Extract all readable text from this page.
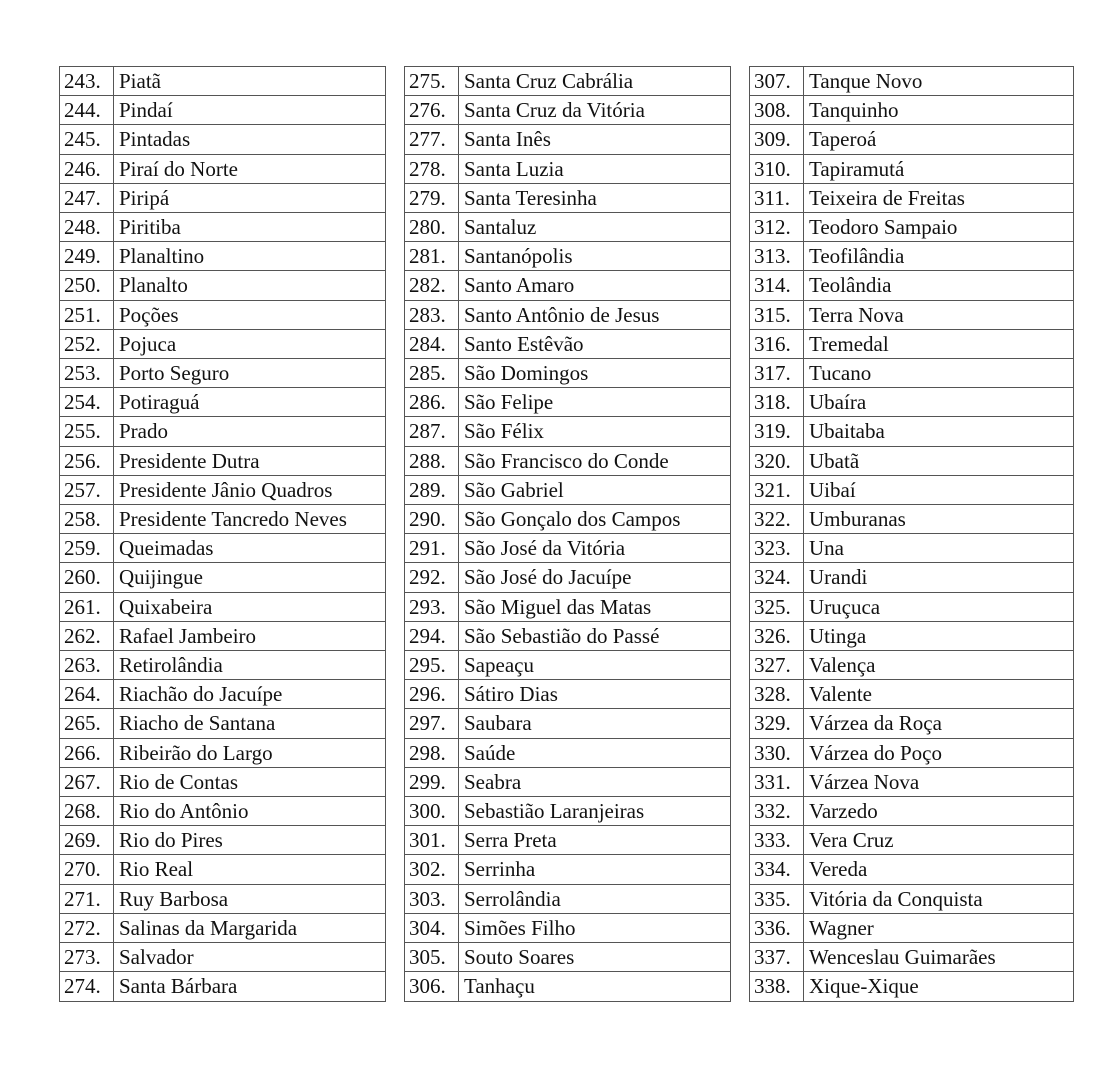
243.	Piatã
244.	Pindaí
245.	Pintadas
246.	Piraí do Norte
247.	Piripá
248.	Piritiba
249.	Planaltino
250.	Planalto
251.	Poções
252.	Pojuca
253.	Porto Seguro
254.	Potiraguá
255.	Prado
256.	Presidente Dutra
257.	Presidente Jânio Quadros
258.	Presidente Tancredo Neves
259.	Queimadas
260.	Quijingue
261.	Quixabeira
262.	Rafael Jambeiro
263.	Retirolândia
264.	Riachão do Jacuípe
265.	Riacho de Santana
266.	Ribeirão do Largo
267.	Rio de Contas
268.	Rio do Antônio
269.	Rio do Pires
270.	Rio Real
271.	Ruy Barbosa
272.	Salinas da Margarida
273.	Salvador
274.	Santa Bárbara
275.	Santa Cruz Cabrália
276.	Santa Cruz da Vitória
277.	Santa Inês
278.	Santa Luzia
279.	Santa Teresinha
280.	Santaluz
281.	Santanópolis
282.	Santo Amaro
283.	Santo Antônio de Jesus
284.	Santo Estêvão
285.	São Domingos
286.	São Felipe
287.	São Félix
288.	São Francisco do Conde
289.	São Gabriel
290.	São Gonçalo dos Campos
291.	São José da Vitória
292.	São José do Jacuípe
293.	São Miguel das Matas
294.	São Sebastião do Passé
295.	Sapeaçu
296.	Sátiro Dias
297.	Saubara
298.	Saúde
299.	Seabra
300.	Sebastião Laranjeiras
301.	Serra Preta
302.	Serrinha
303.	Serrolândia
304.	Simões Filho
305.	Souto Soares
306.	Tanhaçu
307.	Tanque Novo
308.	Tanquinho
309.	Taperoá
310.	Tapiramutá
311.	Teixeira de Freitas
312.	Teodoro Sampaio
313.	Teofilândia
314.	Teolândia
315.	Terra Nova
316.	Tremedal
317.	Tucano
318.	Ubaíra
319.	Ubaitaba
320.	Ubatã
321.	Uibaí
322.	Umburanas
323.	Una
324.	Urandi
325.	Uruçuca
326.	Utinga
327.	Valença
328.	Valente
329.	Várzea da Roça
330.	Várzea do Poço
331.	Várzea Nova
332.	Varzedo
333.	Vera Cruz
334.	Vereda
335.	Vitória da Conquista
336.	Wagner
337.	Wenceslau Guimarães
338.	Xique-Xique
